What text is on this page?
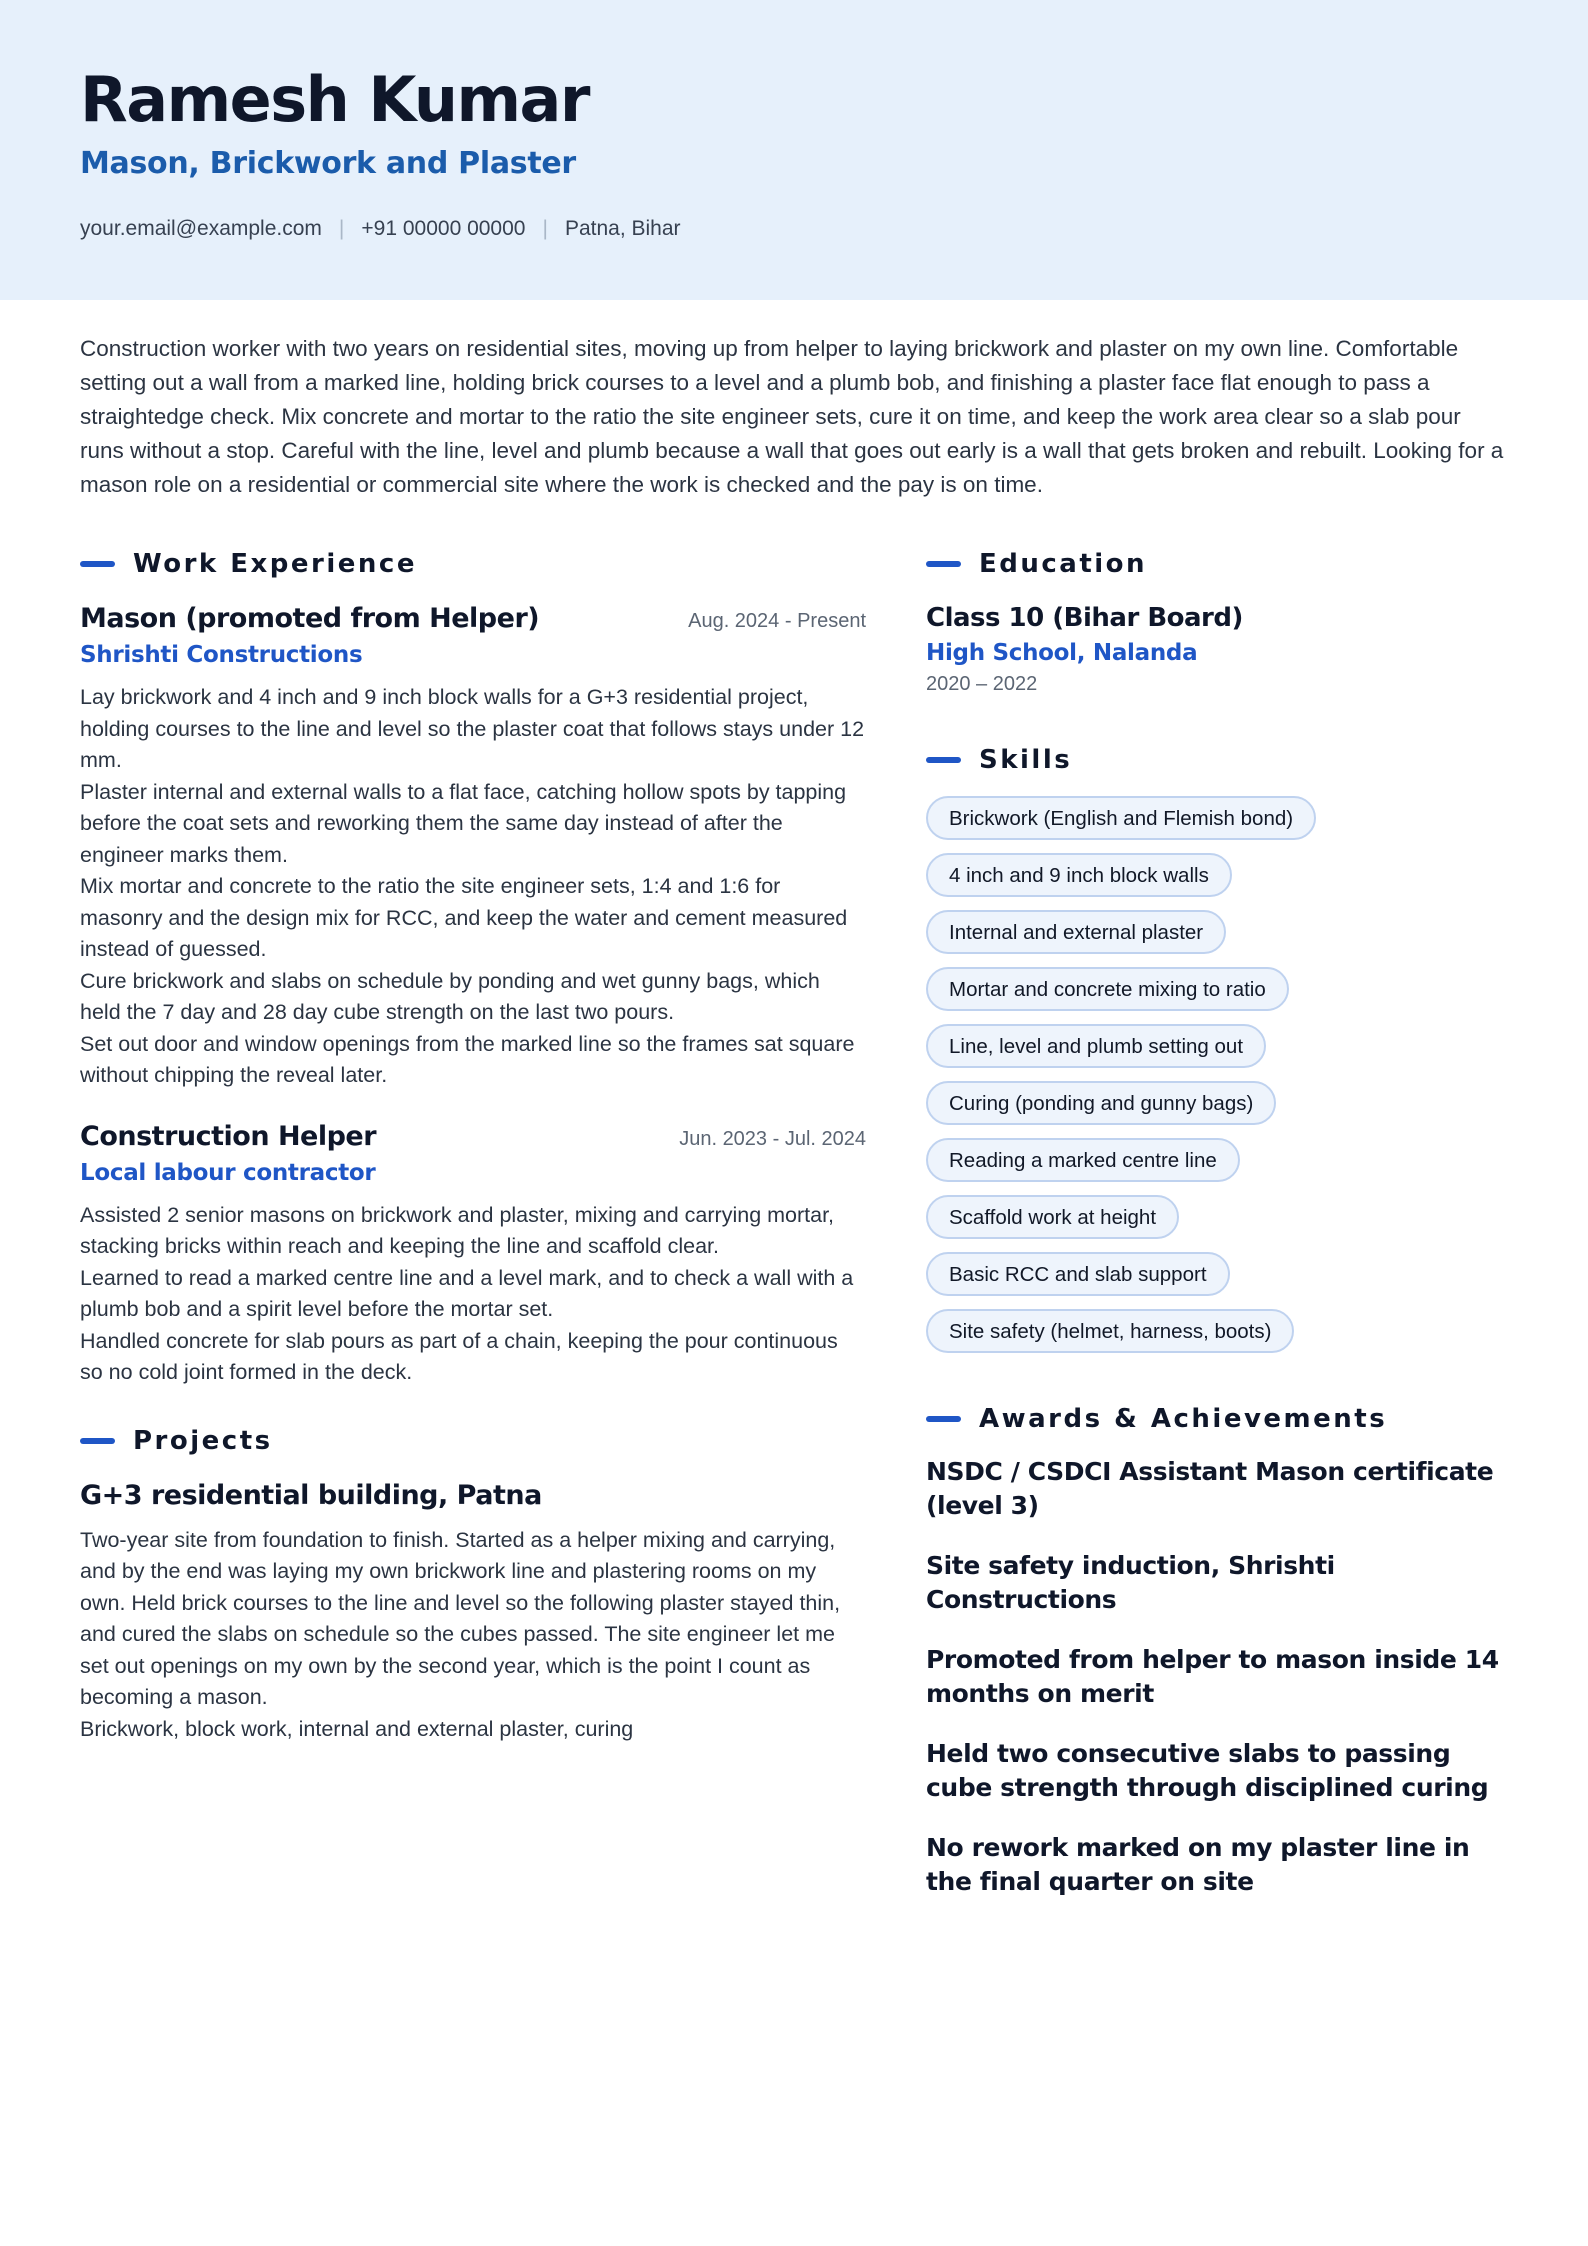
Ramesh Kumar
Mason, Brickwork and Plaster
your.email@example.com | +91 00000 00000 | Patna, Bihar
Construction worker with two years on residential sites, moving up from helper to laying brickwork and plaster on my own line. Comfortable setting out a wall from a marked line, holding brick courses to a level and a plumb bob, and finishing a plaster face flat enough to pass a straightedge check. Mix concrete and mortar to the ratio the site engineer sets, cure it on time, and keep the work area clear so a slab pour runs without a stop. Careful with the line, level and plumb because a wall that goes out early is a wall that gets broken and rebuilt. Looking for a mason role on a residential or commercial site where the work is checked and the pay is on time.
Work Experience
Mason (promoted from Helper)	Aug. 2024 - Present
Shrishti Constructions
Lay brickwork and 4 inch and 9 inch block walls for a G+3 residential project, holding courses to the line and level so the plaster coat that follows stays under 12 mm.
Plaster internal and external walls to a flat face, catching hollow spots by tapping before the coat sets and reworking them the same day instead of after the engineer marks them.
Mix mortar and concrete to the ratio the site engineer sets, 1:4 and 1:6 for masonry and the design mix for RCC, and keep the water and cement measured instead of guessed.
Cure brickwork and slabs on schedule by ponding and wet gunny bags, which held the 7 day and 28 day cube strength on the last two pours.
Set out door and window openings from the marked line so the frames sat square without chipping the reveal later.
Construction Helper	Jun. 2023 - Jul. 2024
Local labour contractor
Assisted 2 senior masons on brickwork and plaster, mixing and carrying mortar, stacking bricks within reach and keeping the line and scaffold clear.
Learned to read a marked centre line and a level mark, and to check a wall with a plumb bob and a spirit level before the mortar set.
Handled concrete for slab pours as part of a chain, keeping the pour continuous so no cold joint formed in the deck.
Projects
G+3 residential building, Patna
Two-year site from foundation to finish. Started as a helper mixing and carrying, and by the end was laying my own brickwork line and plastering rooms on my own. Held brick courses to the line and level so the following plaster stayed thin, and cured the slabs on schedule so the cubes passed. The site engineer let me set out openings on my own by the second year, which is the point I count as becoming a mason.
Brickwork, block work, internal and external plaster, curing
Education
Class 10 (Bihar Board)
High School, Nalanda
2020 – 2022
Skills
Brickwork (English and Flemish bond)
4 inch and 9 inch block walls
Internal and external plaster
Mortar and concrete mixing to ratio
Line, level and plumb setting out
Curing (ponding and gunny bags)
Reading a marked centre line
Scaffold work at height
Basic RCC and slab support
Site safety (helmet, harness, boots)
Awards & Achievements
NSDC / CSDCI Assistant Mason certificate (level 3)
Site safety induction, Shrishti Constructions
Promoted from helper to mason inside 14 months on merit
Held two consecutive slabs to passing cube strength through disciplined curing
No rework marked on my plaster line in the final quarter on site
